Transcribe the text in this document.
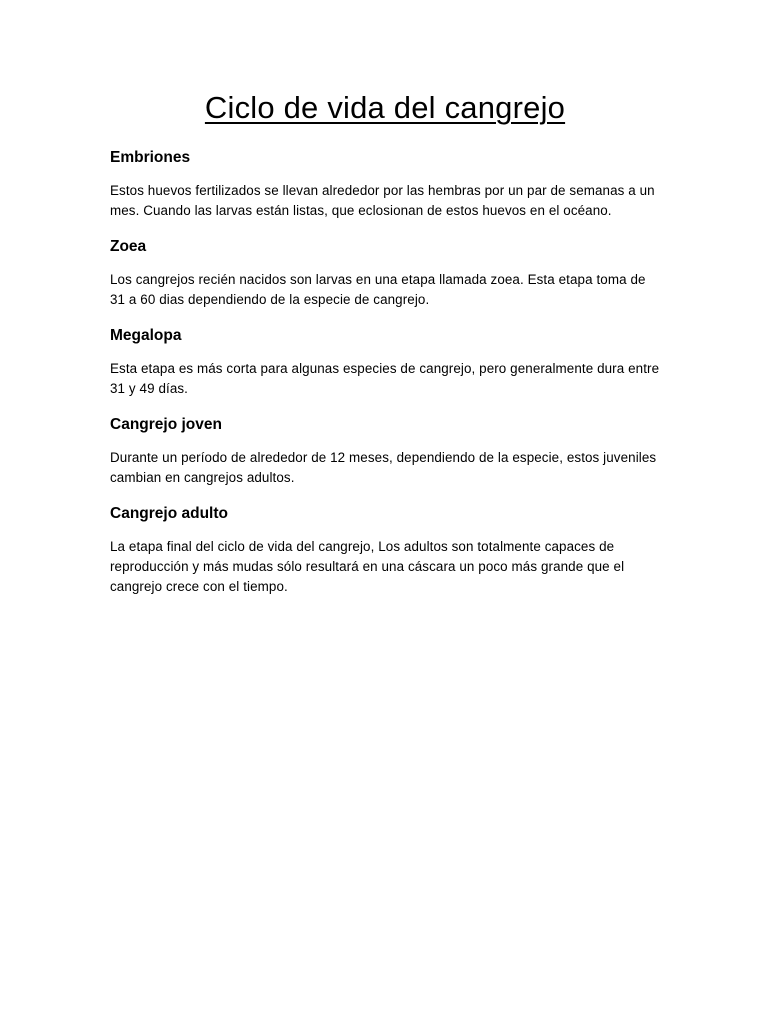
Ciclo de vida del cangrejo
Embriones

Estos huevos fertilizados se llevan alrededor por las hembras por un par de semanas a un mes. Cuando las larvas están listas, que eclosionan de estos huevos en el océano.

Zoea

Los cangrejos recién nacidos son larvas en una etapa llamada zoea. Esta etapa toma de 31 a 60 dias dependiendo de la especie de cangrejo.

Megalopa

Esta etapa es más corta para algunas especies de cangrejo, pero generalmente dura entre 31 y 49 días.

Cangrejo joven

Durante un período de alrededor de 12 meses, dependiendo de la especie, estos juveniles cambian en cangrejos adultos.

Cangrejo adulto

La etapa final del ciclo de vida del cangrejo, Los adultos son totalmente capaces de reproducción y más mudas sólo resultará en una cáscara un poco más grande que el cangrejo crece con el tiempo.
